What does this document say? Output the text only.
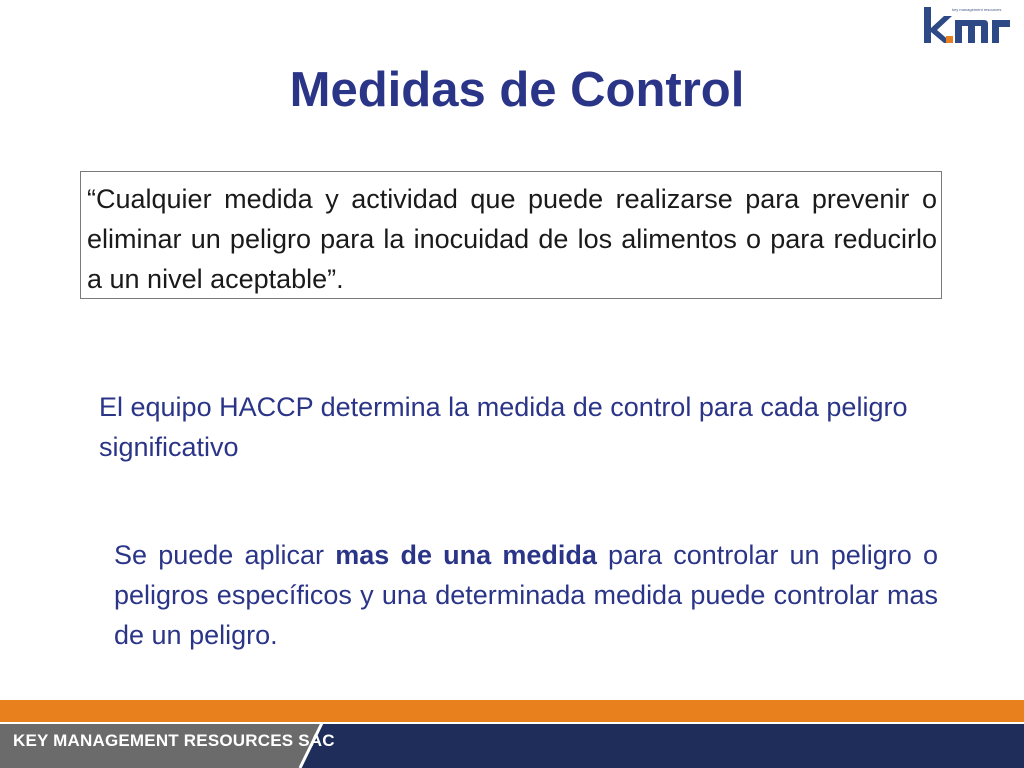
key management resources
Medidas de Control

“Cualquier medida y actividad que puede realizarse para prevenir o eliminar un peligro para la inocuidad de los alimentos o para reducirlo a un nivel aceptable”.

El equipo HACCP determina la medida de control para cada peligro significativo

Se puede aplicar mas de una medida para controlar un peligro o peligros específicos y una determinada medida puede controlar mas de un peligro.

KEY MANAGEMENT RESOURCES SAC
